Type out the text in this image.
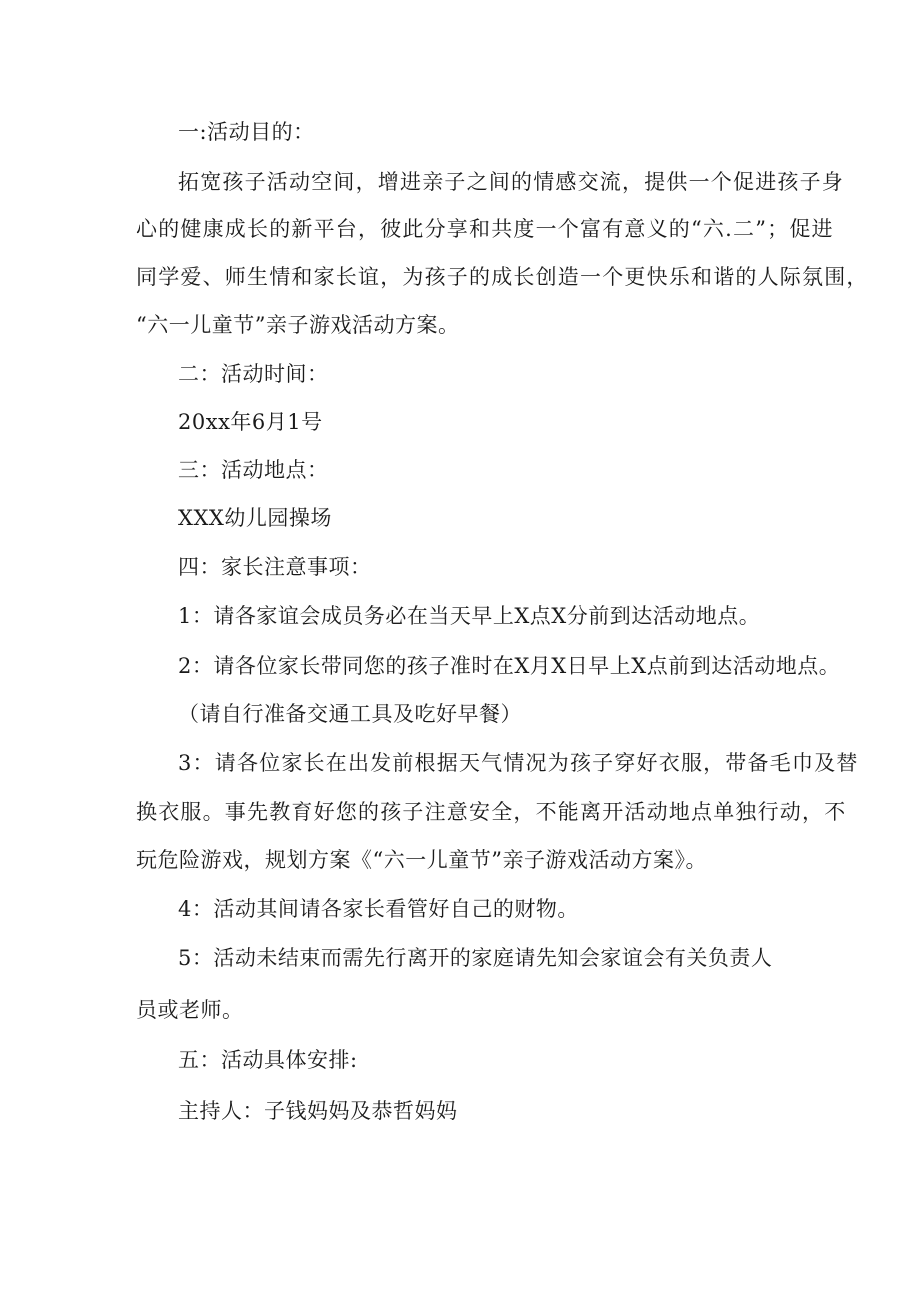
一:活动目的：
拓宽孩子活动空间，增进亲子之间的情感交流，提供一个促进孩子身
心的健康成长的新平台，彼此分享和共度一个富有意义的“六.二”；促进
同学爱、师生情和家长谊，为孩子的成长创造一个更快乐和谐的人际氛围，
“六一儿童节”亲子游戏活动方案。
二：活动时间：
20xx年6月1号
三：活动地点：
XXX幼儿园操场
四：家长注意事项：
1：请各家谊会成员务必在当天早上X点X分前到达活动地点。
2：请各位家长带同您的孩子准时在X月X日早上X点前到达活动地点。
（请自行准备交通工具及吃好早餐）
3：请各位家长在出发前根据天气情况为孩子穿好衣服，带备毛巾及替
换衣服。事先教育好您的孩子注意安全，不能离开活动地点单独行动，不
玩危险游戏，规划方案《“六一儿童节”亲子游戏活动方案》。
4：活动其间请各家长看管好自己的财物。
5：活动未结束而需先行离开的家庭请先知会家谊会有关负责人
员或老师。
五：活动具体安排:
主持人：子钱妈妈及恭哲妈妈
